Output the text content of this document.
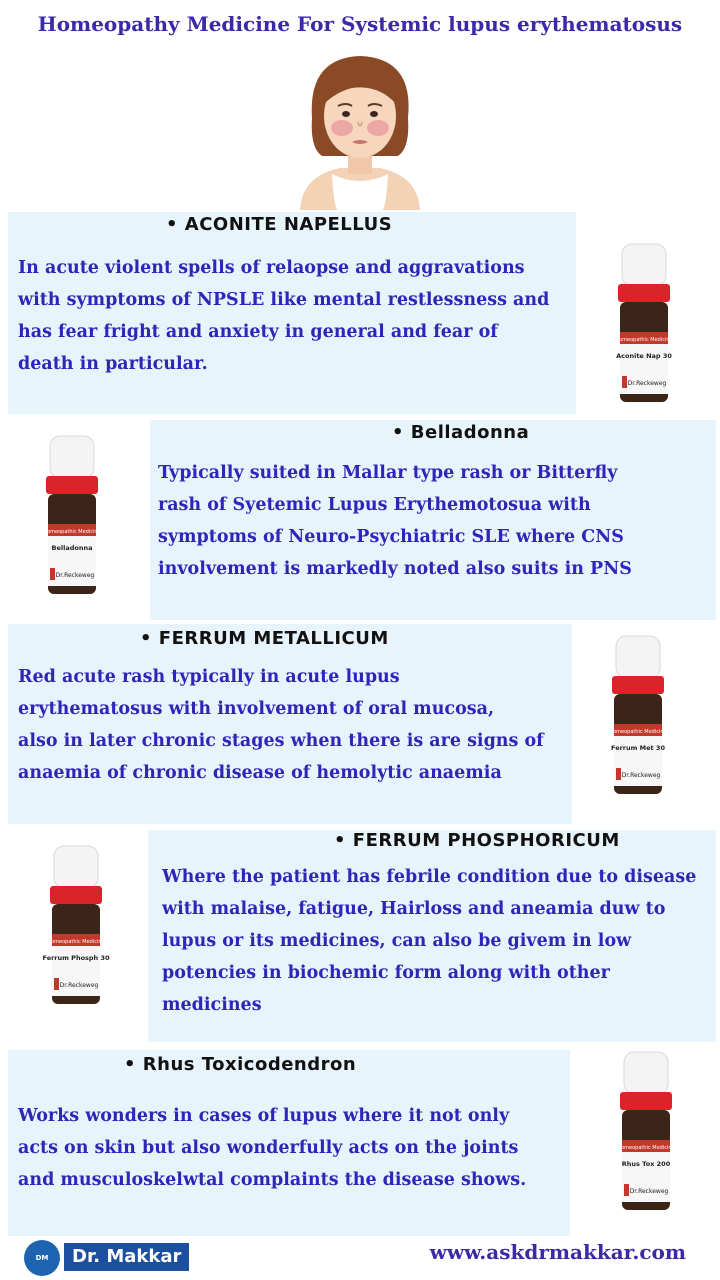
Homeopathy Medicine For Systemic lupus erythematosus
• ACONITE NAPELLUS
In acute violent spells of relaopse and aggravations
with symptoms of NPSLE like mental restlessness and
has fear fright and anxiety in general and fear of
death in particular.
Homeopathic Medicine
Aconite Nap 30
Dr.Reckeweg
• Belladonna
Typically suited in Mallar type rash or Bitterfly
rash of Syetemic Lupus Erythemotosua with
symptoms of Neuro-Psychiatric SLE where CNS
involvement is markedly noted also suits in PNS
Homeopathic Medicine
Belladonna
Dr.Reckeweg
• FERRUM METALLICUM
Red acute rash typically in acute lupus
erythematosus with involvement of oral mucosa,
also in later chronic stages when there is are signs of
anaemia of chronic disease of hemolytic anaemia
Homeopathic Medicine
Ferrum Met 30
Dr.Reckeweg
• FERRUM PHOSPHORICUM
Where the patient has febrile condition due to disease
with malaise, fatigue, Hairloss and aneamia duw to
lupus or its medicines, can also be givem in low
potencies in biochemic form along with other
medicines
Homeopathic Medicine
Ferrum Phosph 30
Dr.Reckeweg
• Rhus Toxicodendron
Works wonders in cases of lupus where it not only
acts on skin but also wonderfully acts on the joints
and musculoskelwtal complaints the disease shows.
Homeopathic Medicine
Rhus Tox 200
Dr.Reckeweg
DM	Dr. Makkar	www.askdrmakkar.com
